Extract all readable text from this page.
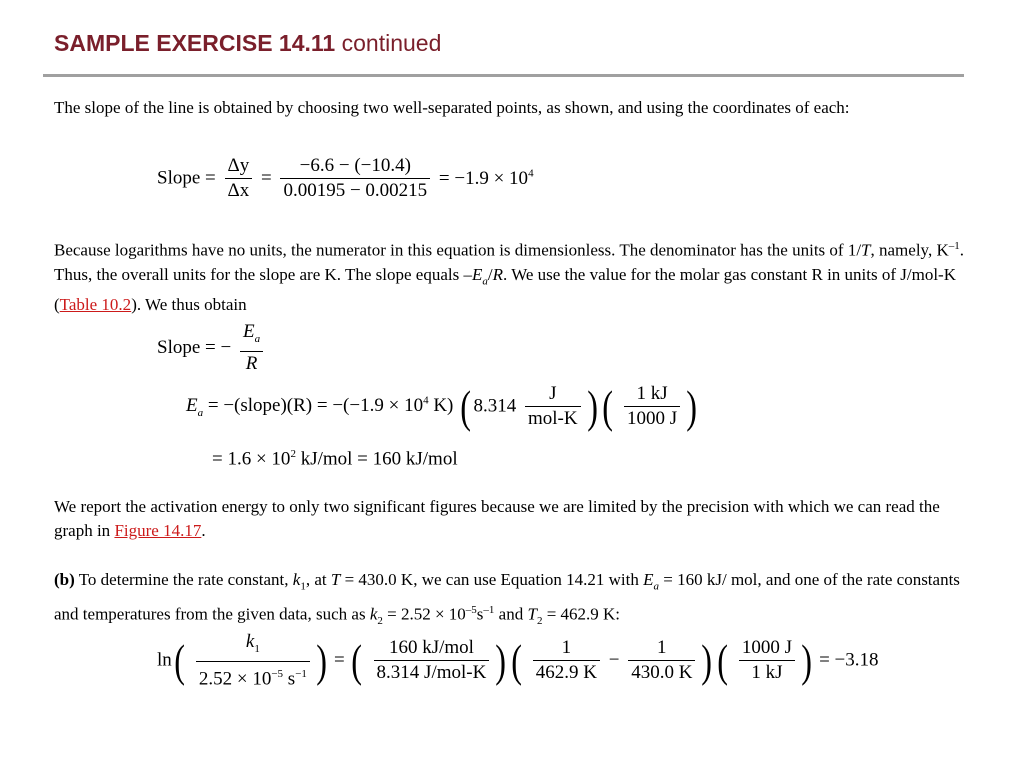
SAMPLE EXERCISE 14.11 continued
The slope of the line is obtained by choosing two well-separated points, as shown, and using the coordinates of each:
Slope = $\frac{\Delta y}{\Delta x} = \frac{-6.6 - (-10.4)}{0.00195 - 0.00215} = -1.9 \times 10^4$
Because logarithms have no units, the numerator in this equation is dimensionless. The denominator has the units of 1/T, namely, $K^{-1}$. Thus, the overall units for the slope are K. The slope equals $-E_a/R$. We use the value for the molar gas constant R in units of J/mol-K (Table 10.2). We thus obtain
Slope = − $\frac{E_a}{R}$
$E_a$ = −(slope)(R) = $-(-1.9 \times 10^4$ K) ( $8.314 \frac{J}{\text{mol-K}}$ )( $\frac{1 kJ}{1000 J}$ )
= $1.6 \times 10^2$ kJ/mol = 160 kJ/mol
We report the activation energy to only two significant figures because we are limited by the precision with which we can read the graph in Figure 14.17.
(b) To determine the rate constant, $k_1$, at T = 430.0 K, we can use Equation 14.21 with $E_a = 160$ kJ/ mol, and one of the rate constants and temperatures from the given data, such as $k_2 = 2.52 \times 10^{-5}s^{-1}$ and $T_2 = 462.9$ K:
$\ln( \frac{k_1}{2.52 \times 10^{-5} s^{-1}}$ ) = ( $\frac{\text{160 kJ/mol}}{\text{8.314 J/mol-K}}$ )( $\frac{1}{462.9 K} - \frac{1}{430.0 K}$ )( $\frac{1000 J}{1 kJ}$ ) = −3.18
